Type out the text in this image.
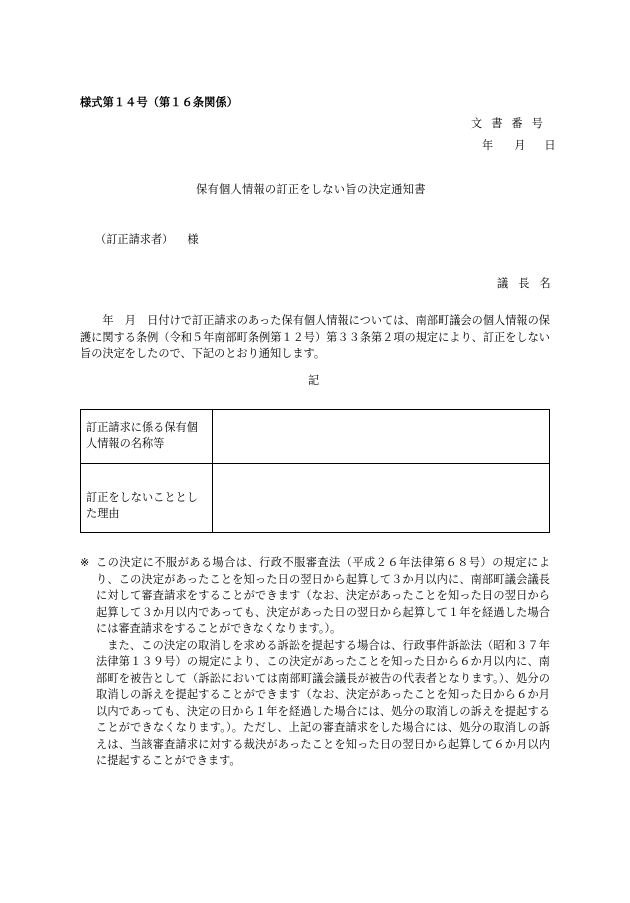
様式第１４号（第１６条関係）
文書番号
年 月 日
保有個人情報の訂正をしない旨の決定通知書
（訂正請求者） 様
議長名

年　月　日付けで訂正請求のあった保有個人情報については、南部町議会の個人情報の保護に関する条例（令和５年南部町条例第１２号）第３３条第２項の規定により、訂正をしない旨の決定をしたので、下記のとおり通知します。

記
訂正請求に係る保有個人情報の名称等	
訂正をしないこととした理由	
※ この決定に不服がある場合は、行政不服審査法（平成２６年法律第６８号）の規定により、この決定があったことを知った日の翌日から起算して３か月以内に、南部町議会議長に対して審査請求をすることができます（なお、決定があったことを知った日の翌日から起算して３か月以内であっても、決定があった日の翌日から起算して１年を経過した場合には審査請求をすることができなくなります。）。

また、この決定の取消しを求める訴訟を提起する場合は、行政事件訴訟法（昭和３７年法律第１３９号）の規定により、この決定があったことを知った日から６か月以内に、南部町を被告として（訴訟においては南部町議会議長が被告の代表者となります。）、処分の取消しの訴えを提起することができます（なお、決定があったことを知った日から６か月以内であっても、決定の日から１年を経過した場合には、処分の取消しの訴えを提起することができなくなります。）。ただし、上記の審査請求をした場合には、処分の取消しの訴えは、当該審査請求に対する裁決があったことを知った日の翌日から起算して６か月以内に提起することができます。
